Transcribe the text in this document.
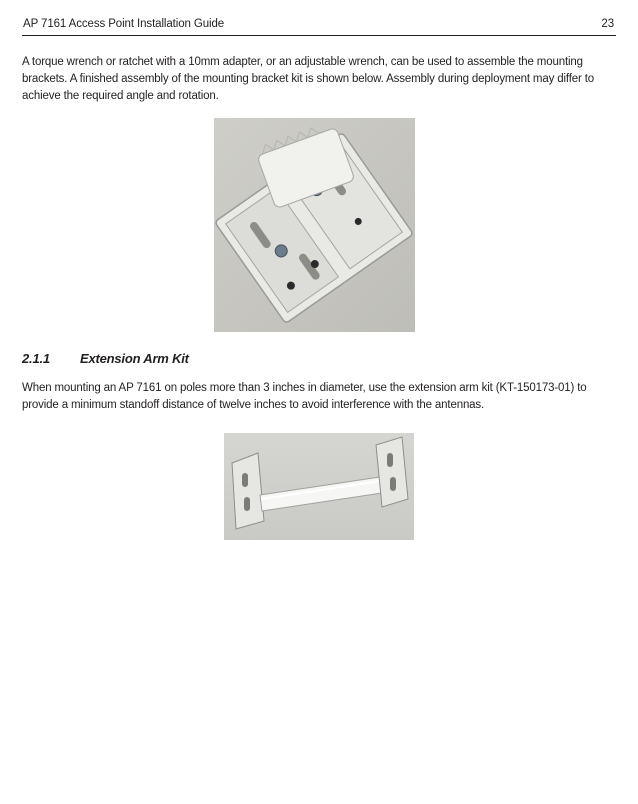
AP 7161 Access Point Installation Guide	23

A torque wrench or ratchet with a 10mm adapter, or an adjustable wrench, can be used to assemble the mounting brackets. A finished assembly of the mounting bracket kit is shown below. Assembly during deployment may differ to achieve the required angle and rotation.

2.1.1 Extension Arm Kit

When mounting an AP 7161 on poles more than 3 inches in diameter, use the extension arm kit (KT-150173-01) to provide a minimum standoff distance of twelve inches to avoid interference with the antennas.
